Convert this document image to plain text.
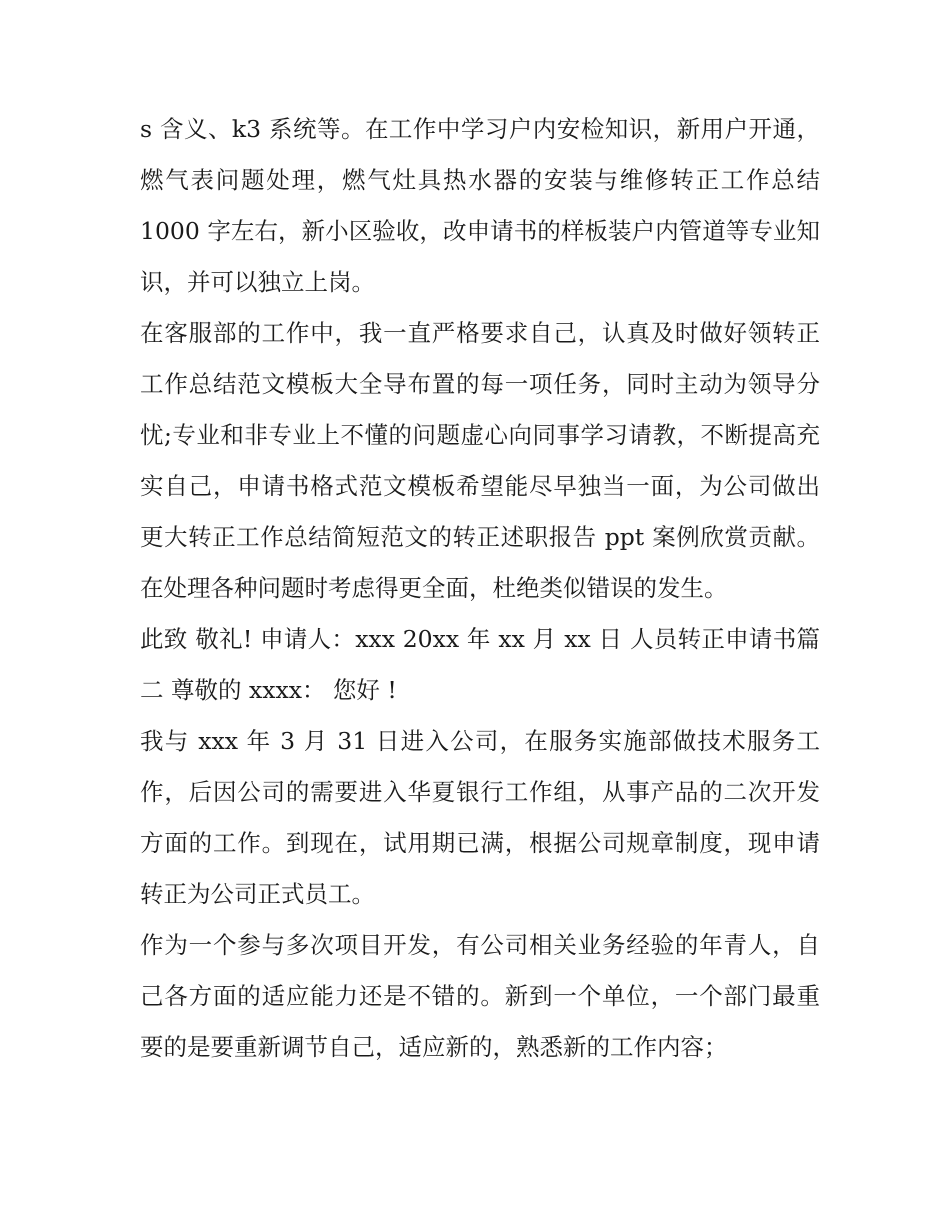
s 含义、k3 系统等。在工作中学习户内安检知识，新用户开通，燃气表问题处理，燃气灶具热水器的安装与维修转正工作总结 1000 字左右，新小区验收，改申请书的样板装户内管道等专业知识，并可以独立上岗。

在客服部的工作中，我一直严格要求自己，认真及时做好领转正工作总结范文模板大全导布置的每一项任务，同时主动为领导分忧;专业和非专业上不懂的问题虚心向同事学习请教，不断提高充实自己，申请书格式范文模板希望能尽早独当一面，为公司做出更大转正工作总结简短范文的转正述职报告 ppt 案例欣赏贡献。在处理各种问题时考虑得更全面，杜绝类似错误的发生。

此致 敬礼! 申请人：xxx 20xx 年 xx 月 xx 日 人员转正申请书篇二 尊敬的 xxxx： 您好 !

我与 xxx 年 3 月 31 日进入公司，在服务实施部做技术服务工作，后因公司的需要进入华夏银行工作组，从事产品的二次开发方面的工作。到现在，试用期已满，根据公司规章制度，现申请转正为公司正式员工。

作为一个参与多次项目开发，有公司相关业务经验的年青人，自己各方面的适应能力还是不错的。新到一个单位，一个部门最重要的是要重新调节自己，适应新的，熟悉新的工作内容；
